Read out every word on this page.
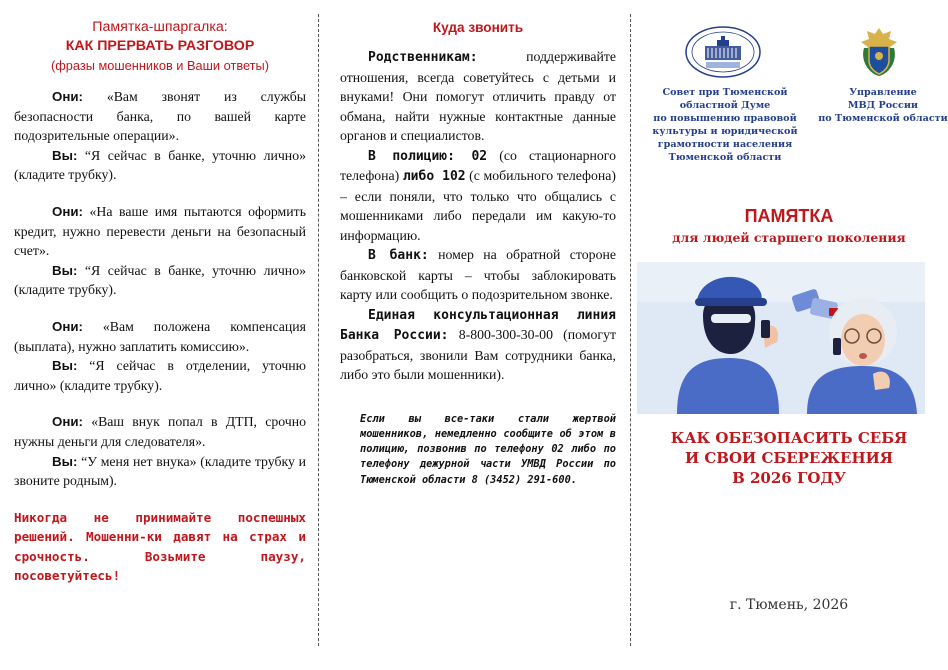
Памятка-шпаргалка:
КАК ПРЕРВАТЬ РАЗГОВОР
(фразы мошенников и Ваши ответы)

Они: «Вам звонят из службы безопасности банка, по вашей карте подозрительные операции».

Вы: “Я сейчас в банке, уточню лично» (кладите трубку).

Они: «На ваше имя пытаются оформить кредит, нужно перевести деньги на безопасный счет».

Вы: “Я сейчас в банке, уточню лично» (кладите трубку).

Они: «Вам положена компенсация (выплата), нужно заплатить комиссию».

Вы: “Я сейчас в отделении, уточню лично» (кладите трубку).

Они: «Ваш внук попал в ДТП, срочно нужны деньги для следователя».

Вы: “У меня нет внука» (кладите трубку и звоните родным).

Никогда не принимайте поспешных решений. Мошенни-ки давят на страх и срочность. Возьмите паузу, посоветуйтесь!
Куда звонить

Родственникам:	поддерживайте отношения, всегда советуйтесь с детьми и внуками! Они помогут отличить правду от обмана, найти нужные контактные данные органов и специалистов.

В полицию: 02 (со стационарного телефона) либо 102 (с мобильного телефона) – если поняли, что только что общались с мошенниками либо передали им какую-то информацию.

В банк: номер на обратной стороне банковской карты – чтобы заблокировать карту или сообщить о подозрительном звонке.

Единая консультационная линия Банка России: 8-800-300-30-00 (помогут разобраться, звонили Вам сотрудники банка, либо это были мошенники).

Если вы все-таки стали жертвой мошенников, немедленно сообщите об этом в полицию, позвонив по телефону 02 либо по телефону дежурной части УМВД России по Тюменской области 8 (3452) 291-600.
Совет при Тюменской
областной Думе
по повышению правовой
культуры и юридической
грамотности населения
Тюменской области
Управление
МВД России
по Тюменской области
ПАМЯТКА
для людей старшего поколения
КАК ОБЕЗОПАСИТЬ СЕБЯ
И СВОИ СБЕРЕЖЕНИЯ
В 2026 ГОДУ
г. Тюмень, 2026
